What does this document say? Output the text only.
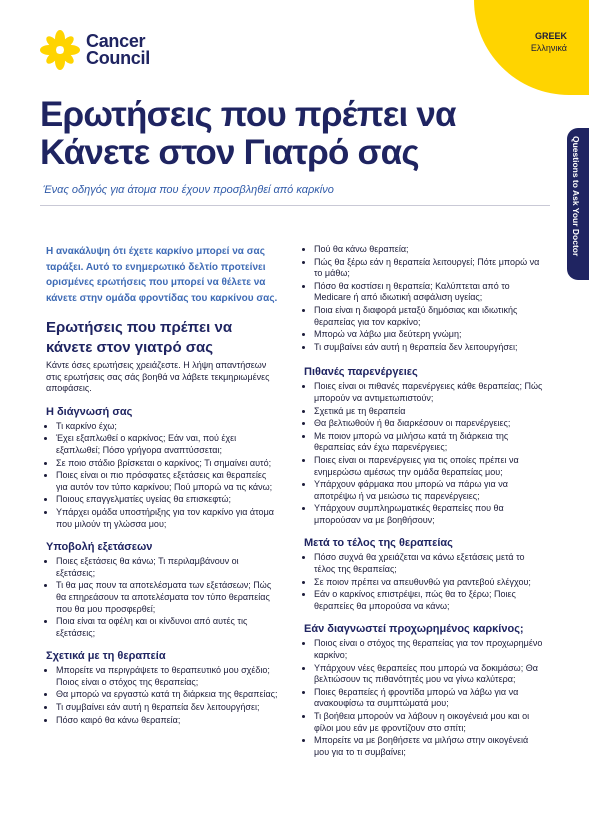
GREEK
Ελληνικά
Cancer
Council
Questions to Ask Your Doctor
Ερωτήσεις που πρέπει να
Κάνετε στον Γιατρό σας
Ένας οδηγός για άτομα που έχουν προσβληθεί από καρκίνο

Η ανακάλυψη ότι έχετε καρκίνο μπορεί να σας ταράξει. Αυτό το ενημερωτικό δελτίο προτείνει ορισμένες ερωτήσεις που μπορεί να θέλετε να κάνετε στην ομάδα φροντίδας του καρκίνου σας.

Ερωτήσεις που πρέπει να κάνετε στον γιατρό σας

Κάντε όσες ερωτήσεις χρειάζεστε. Η λήψη απαντήσεων στις ερωτήσεις σας σάς βοηθά να λάβετε τεκμηριωμένες αποφάσεις.

Η διάγνωσή σας
• Τι καρκίνο έχω;
• Έχει εξαπλωθεί ο καρκίνος; Εάν ναι, πού έχει εξαπλωθεί; Πόσο γρήγορα αναπτύσσεται;
• Σε ποιο στάδιο βρίσκεται ο καρκίνος; Τι σημαίνει αυτό;
• Ποιες είναι οι πιο πρόσφατες εξετάσεις και θεραπείες για αυτόν τον τύπο καρκίνου; Πού μπορώ να τις κάνω;
• Ποιους επαγγελματίες υγείας θα επισκεφτώ;
• Υπάρχει ομάδα υποστήριξης για τον καρκίνο για άτομα που μιλούν τη γλώσσα μου;
Υποβολή εξετάσεων
• Ποιες εξετάσεις θα κάνω; Τι περιλαμβάνουν οι εξετάσεις;
• Τι θα μας πουν τα αποτελέσματα των εξετάσεων; Πώς θα επηρεάσουν τα αποτελέσματα τον τύπο θεραπείας που θα μου προσφερθεί;
• Ποια είναι τα οφέλη και οι κίνδυνοι από αυτές τις εξετάσεις;
Σχετικά με τη θεραπεία
• Μπορείτε να περιγράψετε το θεραπευτικό μου σχέδιο; Ποιος είναι ο στόχος της θεραπείας;
• Θα μπορώ να εργαστώ κατά τη διάρκεια της θεραπείας;
• Τι συμβαίνει εάν αυτή η θεραπεία δεν λειτουργήσει;
• Πόσο καιρό θα κάνω θεραπεία;
• Πού θα κάνω θεραπεία;
• Πώς θα ξέρω εάν η θεραπεία λειτουργεί; Πότε μπορώ να το μάθω;
• Πόσο θα κοστίσει η θεραπεία; Καλύπτεται από το Medicare ή από ιδιωτική ασφάλιση υγείας;
• Ποια είναι η διαφορά μεταξύ δημόσιας και ιδιωτικής θεραπείας για τον καρκίνο;
• Μπορώ να λάβω μια δεύτερη γνώμη;
• Τι συμβαίνει εάν αυτή η θεραπεία δεν λειτουργήσει;
Πιθανές παρενέργειες
• Ποιες είναι οι πιθανές παρενέργειες κάθε θεραπείας; Πώς μπορούν να αντιμετωπιστούν;
• Σχετικά με τη θεραπεία
• Θα βελτιωθούν ή θα διαρκέσουν οι παρενέργειες;
• Με ποιον μπορώ να μιλήσω κατά τη διάρκεια της θεραπείας εάν έχω παρενέργειες;
• Ποιες είναι οι παρενέργειες για τις οποίες πρέπει να ενημερώσω αμέσως την ομάδα θεραπείας μου;
• Υπάρχουν φάρμακα που μπορώ να πάρω για να αποτρέψω ή να μειώσω τις παρενέργειες;
• Υπάρχουν συμπληρωματικές θεραπείες που θα μπορούσαν να με βοηθήσουν;
Μετά το τέλος της θεραπείας
• Πόσο συχνά θα χρειάζεται να κάνω εξετάσεις μετά το τέλος της θεραπείας;
• Σε ποιον πρέπει να απευθυνθώ για ραντεβού ελέγχου;
• Εάν ο καρκίνος επιστρέψει, πώς θα το ξέρω; Ποιες θεραπείες θα μπορούσα να κάνω;
Εάν διαγνωστεί προχωρημένος καρκίνος;
• Ποιος είναι ο στόχος της θεραπείας για τον προχωρημένο καρκίνο;
• Υπάρχουν νέες θεραπείες που μπορώ να δοκιμάσω; Θα βελτιώσουν τις πιθανότητές μου να γίνω καλύτερα;
• Ποιες θεραπείες ή φροντίδα μπορώ να λάβω για να ανακουφίσω τα συμπτώματά μου;
• Τι βοήθεια μπορούν να λάβουν η οικογένειά μου και οι φίλοι μου εάν με φροντίζουν στο σπίτι;
• Μπορείτε να με βοηθήσετε να μιλήσω στην οικογένειά μου για το τι συμβαίνει;
